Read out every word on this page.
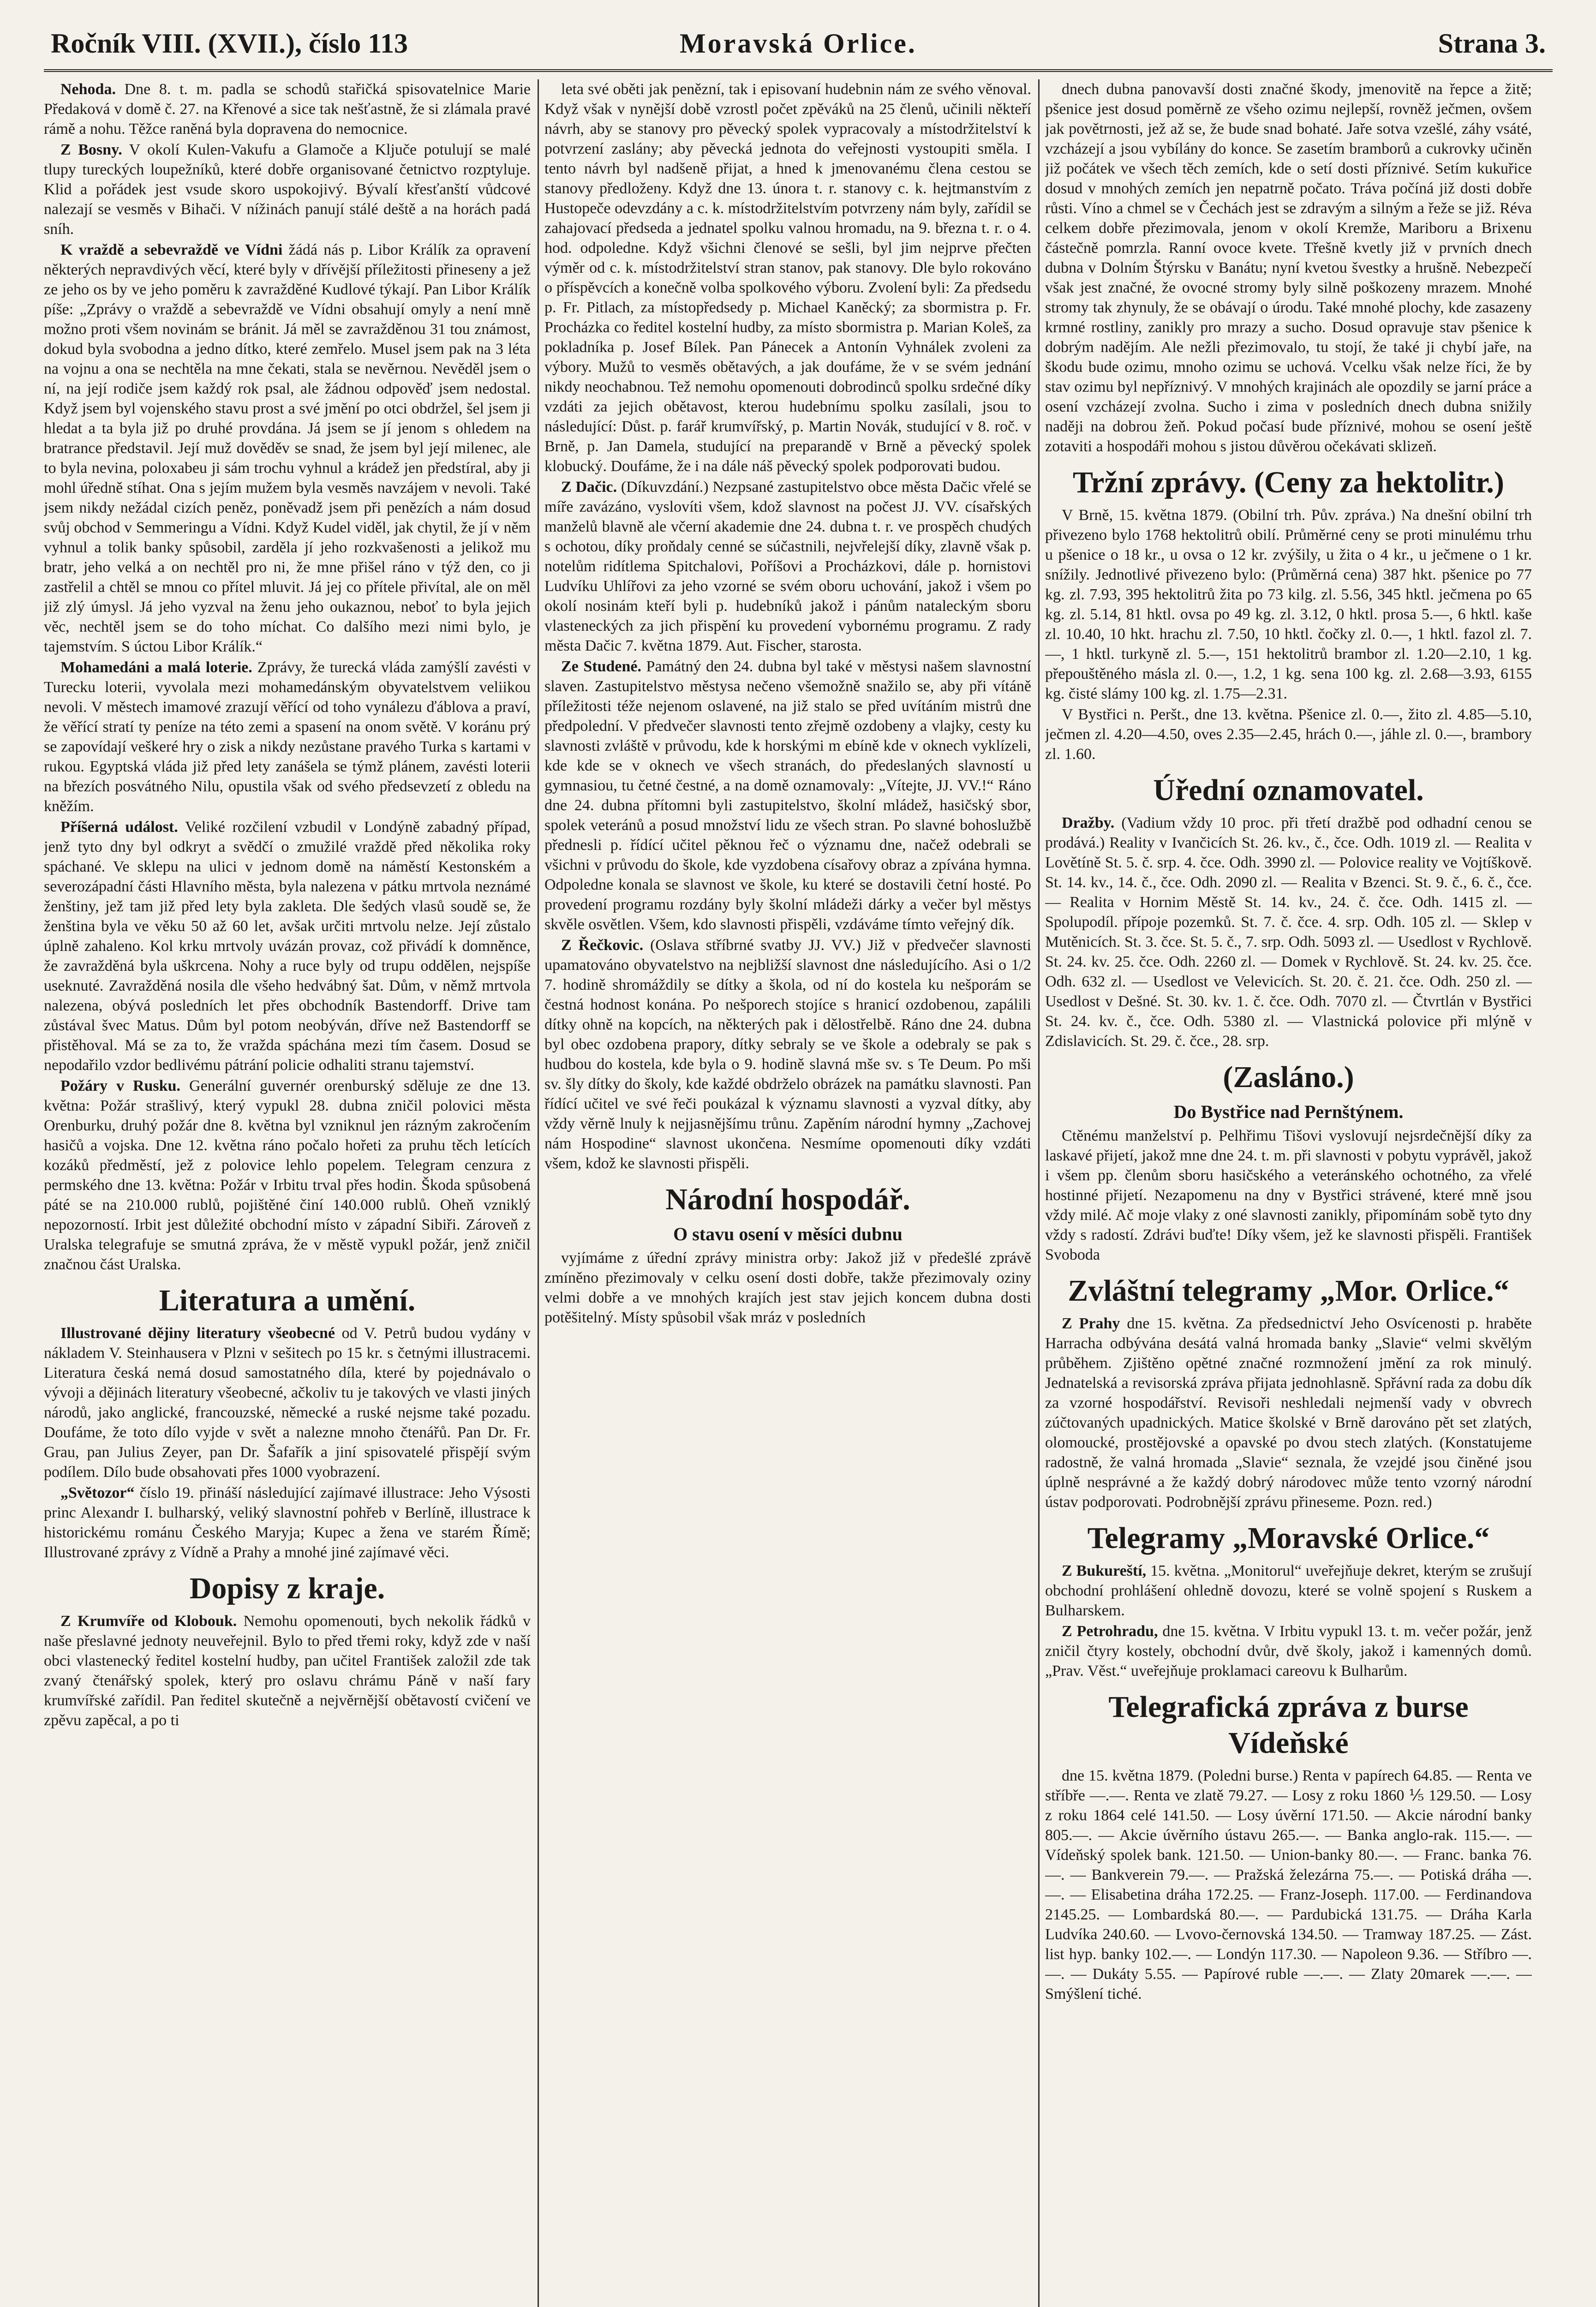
Moravská Orlice.
Ročník VIII. (XVII.), číslo 113	Strana 3.

Nehoda. Dne 8. t. m. padla se schodů stařičká spisovatelnice Marie Předaková v domě č. 27. na Křenové a sice tak nešťastně, že si zlámala pravé rámě a nohu. Těžce raněná byla dopravena do nemocnice.

Z Bosny. V okolí Kulen-Vakufu a Glamoče a Ključe potulují se malé tlupy tureckých loupežníků, které dobře organisované četnictvo rozptyluje. Klid a pořádek jest vsude skoro uspokojivý. Bývalí křesťanští vůdcové nalezají se vesměs v Bihači. V nížinách panují stálé deště a na horách padá sníh.

K vraždě a sebevraždě ve Vídni žádá nás p. Libor Králík za opravení některých nepravdivých věcí, které byly v dřívější příležitosti přineseny a jež ze jeho os by ve jeho poměru k zavražděné Kudlové týkají. Pan Libor Králík píše: „Zprávy o vraždě a sebevraždě ve Vídni obsahují omyly a není mně možno proti všem novinám se bránit. Já měl se zavražděnou 31 tou známost, dokud byla svobodna a jedno dítko, které zemřelo. Musel jsem pak na 3 léta na vojnu a ona se nechtěla na mne čekati, stala se nevěrnou. Nevěděl jsem o ní, na její rodiče jsem každý rok psal, ale žádnou odpověď jsem nedostal. Když jsem byl vojenského stavu prost a své jmění po otci obdržel, šel jsem ji hledat a ta byla již po druhé provdána. Já jsem se jí jenom s ohledem na bratrance představil. Její muž dověděv se snad, že jsem byl její milenec, ale to byla nevina, poloxabeu ji sám trochu vyhnul a krádež jen předstíral, aby ji mohl úředně stíhat. Ona s jejím mužem byla vesměs navzájem v nevoli. Také jsem nikdy nežádal cizích peněz, poněvadž jsem při penězích a nám dosud svůj obchod v Semmeringu a Vídni. Když Kudel viděl, jak chytil, že jí v něm vyhnul a tolik banky spůsobil, zarděla jí jeho rozkvašenosti a jelikož mu bratr, jeho velká a on nechtěl pro ni, že mne přišel ráno v týž den, co ji zastřelil a chtěl se mnou co přítel mluvit. Já jej co přítele přivítal, ale on měl již zlý úmysl. Já jeho vyzval na ženu jeho oukaznou, neboť to byla jejich věc, nechtěl jsem se do toho míchat. Co dalšího mezi nimi bylo, je tajemstvím. S úctou Libor Králík.“

Mohamedáni a malá loterie. Zprávy, že turecká vláda zamýšlí zavésti v Turecku loterii, vyvolala mezi mohamedánským obyvatelstvem veliikou nevoli. V městech imamové zrazují věřící od toho vynálezu ďáblova a praví, že věřící stratí ty peníze na této zemi a spasení na onom světě. V koránu prý se zapovídají veškeré hry o zisk a nikdy nezůstane pravého Turka s kartami v rukou. Egyptská vláda již před lety zanášela se týmž plánem, zavésti loterii na březích posvátného Nilu, opustila však od svého předsevzetí z obledu na kněžím.

Příšerná událost. Veliké rozčilení vzbudil v Londýně zabadný případ, jenž tyto dny byl odkryt a svědčí o zmužilé vraždě před několika roky spáchané. Ve sklepu na ulici v jednom domě na náměstí Kestonském a severozápadní části Hlavního města, byla nalezena v pátku mrtvola neznámé ženštiny, jež tam již před lety byla zakleta. Dle šedých vlasů soudě se, že ženština byla ve věku 50 až 60 let, avšak určiti mrtvolu nelze. Její zůstalo úplně zahaleno. Kol krku mrtvoly uvázán provaz, což přivádí k domněnce, že zavražděná byla uškrcena. Nohy a ruce byly od trupu oddělen, nejspíše useknuté. Zavražděná nosila dle všeho hedvábný šat. Dům, v němž mrtvola nalezena, obývá posledních let přes obchodník Bastendorff. Drive tam zůstával švec Matus. Dům byl potom neobýván, dříve než Bastendorff se přistěhoval. Má se za to, že vražda spáchána mezi tím časem. Dosud se nepodařilo vzdor bedlivému pátrání policie odhaliti stranu tajemství.

Požáry v Rusku. Generální guvernér orenburský sděluje ze dne 13. května: Požár strašlivý, který vypukl 28. dubna zničil polovici města Orenburku, druhý požár dne 8. května byl vzniknul jen rázným zakročením hasičů a vojska. Dne 12. května ráno počalo hořeti za pruhu těch letících kozáků předměstí, jež z polovice lehlo popelem. Telegram cenzura z permského dne 13. května: Požár v Irbitu trval přes hodin. Škoda spůsobená páté se na 210.000 rublů, pojištěné činí 140.000 rublů. Oheň vzniklý nepozorností. Irbit jest důležité obchodní místo v západní Sibiři. Zároveň z Uralska telegrafuje se smutná zpráva, že v městě vypukl požár, jenž zničil značnou část Uralska.

Literatura a umění.

Illustrované dějiny literatury všeobecné od V. Petrů budou vydány v nákladem V. Steinhausera v Plzni v sešitech po 15 kr. s četnými illustracemi. Literatura česká nemá dosud samostatného díla, které by pojednávalo o vývoji a dějinách literatury všeobecné, ačkoliv tu je takových ve vlasti jiných národů, jako anglické, francouzské, německé a ruské nejsme také pozadu. Doufáme, že toto dílo vyjde v svět a nalezne mnoho čtenářů. Pan Dr. Fr. Grau, pan Julius Zeyer, pan Dr. Šafařík a jiní spisovatelé přispějí svým podílem. Dílo bude obsahovati přes 1000 vyobrazení.

„Světozor“ číslo 19. přináší následující zajímavé illustrace: Jeho Výsosti princ Alexandr I. bulharský, veliký slavnostní pohřeb v Berlíně, illustrace k historickému románu Českého Maryja; Kupec a žena ve starém Římě; Illustrované zprávy z Vídně a Prahy a mnohé jiné zajímavé věci.

Dopisy z kraje.

Z Krumvíře od Klobouk. Nemohu opomenouti, bych nekolik řádků v naše přeslavné jednoty neuveřejnil. Bylo to před třemi roky, když zde v naší obci vlastenecký ředitel kostelní hudby, pan učitel František založil zde tak zvaný čtenářský spolek, který pro oslavu chrámu Páně v naší fary krumvířské zařídil. Pan ředitel skutečně a nejvěrnější obětavostí cvičení ve zpěvu zapěcal, a po ti

leta své oběti jak penězní, tak i episovaní hudebnin nám ze svého věnoval. Když však v nynější době vzrostl počet zpěváků na 25 členů, učinili někteří návrh, aby se stanovy pro pěvecký spolek vypracovaly a místodržitelství k potvrzení zaslány; aby pěvecká jednota do veřejnosti vystoupiti směla. I tento návrh byl nadšeně přijat, a hned k jmenovanému člena cestou se stanovy předloženy. Když dne 13. února t. r. stanovy c. k. hejtmanstvím z Hustopeče odevzdány a c. k. místodržitelstvím potvrzeny nám byly, zařídil se zahajovací předseda a jednatel spolku valnou hromadu, na 9. března t. r. o 4. hod. odpoledne. Když všichni členové se sešli, byl jim nejprve přečten výměr od c. k. místodržitelství stran stanov, pak stanovy. Dle bylo rokováno o příspěvcích a konečně volba spolkového výboru. Zvolení byli: Za předsedu p. Fr. Pitlach, za místopředsedy p. Michael Kaněcký; za sbormistra p. Fr. Procházka co ředitel kostelní hudby, za místo sbormistra p. Marian Koleš, za pokladníka p. Josef Bílek. Pan Pánecek a Antonín Vyhnálek zvoleni za výbory. Mužů to vesměs obětavých, a jak doufáme, že v se svém jednání nikdy neochabnou. Tež nemohu opomenouti dobrodinců spolku srdečné díky vzdáti za jejich obětavost, kterou hudebnímu spolku zasílali, jsou to následující: Důst. p. farář krumvířský, p. Martin Novák, studující v 8. roč. v Brně, p. Jan Damela, studující na preparandě v Brně a pěvecký spolek klobucký. Doufáme, že i na dále náš pěvecký spolek podporovati budou.

Z Dačic. (Díkuvzdání.) Nezpsané zastupitelstvo obce města Dačic vřelé se míře zavázáno, vyslovíti všem, kdož slavnost na počest JJ. VV. císařských manželů blavně ale včerní akademie dne 24. dubna t. r. ve prospěch chudých s ochotou, díky proňdaly cenné se súčastnili, nejvřelejší díky, zlavně však p. notelům ridítlema Spitchalovi, Poříšovi a Procházkovi, dále p. hornistovi Ludvíku Uhlířovi za jeho vzorné se svém oboru uchování, jakož i všem po okolí nosinám kteří byli p. hudebníků jakož i pánům nataleckým sboru vlasteneckých za jich přispění ku provedení vybornému programu. Z rady města Dačic 7. května 1879. Aut. Fischer, starosta.

Ze Studené. Památný den 24. dubna byl také v městysi našem slavnostní slaven. Zastupitelstvo městysa nečeno všemožně snažilo se, aby při vítáně příležitosti téže nejenom oslavené, na již stalo se před uvítáním mistrů dne předpolední. V předvečer slavnosti tento zřejmě ozdobeny a vlajky, cesty ku slavnosti zvláště v průvodu, kde k horskými m ebíně kde v oknech vyklízeli, kde kde se v oknech ve všech stranách, do předeslaných slavností u gymnasiou, tu četné čestné, a na domě oznamovaly: „Vítejte, JJ. VV.!“ Ráno dne 24. dubna přítomni byli zastupitelstvo, školní mládež, hasičský sbor, spolek veteránů a posud množství lidu ze všech stran. Po slavné bohoslužbě přednesli p. řídící učitel pěknou řeč o významu dne, načež odebrali se všichni v průvodu do škole, kde vyzdobena císařovy obraz a zpívána hymna. Odpoledne konala se slavnost ve škole, ku které se dostavili četní hosté. Po provedení programu rozdány byly školní mládeži dárky a večer byl městys skvěle osvětlen. Všem, kdo slavnosti přispěli, vzdáváme tímto veřejný dík.

Z Řečkovic. (Oslava stříbrné svatby JJ. VV.) Již v předvečer slavnosti upamatováno obyvatelstvo na nejbližší slavnost dne následujícího. Asi o 1/2 7. hodině shromáždily se dítky a škola, od ní do kostela ku nešporám se čestná hodnost konána. Po nešporech stojíce s hranicí ozdobenou, zapálili dítky ohně na kopcích, na některých pak i dělostřelbě. Ráno dne 24. dubna byl obec ozdobena prapory, dítky sebraly se ve škole a odebraly se pak s hudbou do kostela, kde byla o 9. hodině slavná mše sv. s Te Deum. Po mši sv. šly dítky do školy, kde každé obdrželo obrázek na památku slavnosti. Pan řídící učitel ve své řeči poukázal k významu slavnosti a vyzval dítky, aby vždy věrně lnuly k nejjasnějšímu trůnu. Zapěním národní hymny „Zachovej nám Hospodine“ slavnost ukončena. Nesmíme opomenouti díky vzdáti všem, kdož ke slavnosti přispěli.

Národní hospodář.
O stavu osení v měsíci dubnu

vyjímáme z úřední zprávy ministra orby: Jakož již v předešlé zprávě zmíněno přezimovaly v celku osení dosti dobře, takže přezimovaly oziny velmi dobře a ve mnohých krajích jest stav jejich koncem dubna dosti potěšitelný. Místy spůsobil však mráz v posledních

dnech dubna panovavší dosti značné škody, jmenovitě na řepce a žitě; pšenice jest dosud poměrně ze všeho ozimu nejlepší, rovněž ječmen, ovšem jak povětrnosti, jež až se, že bude snad bohaté. Jaře sotva vzešlé, záhy vsáté, vzcházejí a jsou vybílány do konce. Se zasetím bramborů a cukrovky učiněn již počátek ve všech těch zemích, kde o setí dosti příznivé. Setím kukuřice dosud v mnohých zemích jen nepatrně počato. Tráva počíná již dosti dobře růsti. Víno a chmel se v Čechách jest se zdravým a silným a řeže se již. Réva celkem dobře přezimovala, jenom v okolí Kremže, Mariboru a Brixenu částečně pomrzla. Ranní ovoce kvete. Třešně kvetly již v prvních dnech dubna v Dolním Štýrsku v Banátu; nyní kvetou švestky a hrušně. Nebezpečí však jest značné, že ovocné stromy byly silně poškozeny mrazem. Mnohé stromy tak zhynuly, že se obávají o úrodu. Také mnohé plochy, kde zasazeny krmné rostliny, zanikly pro mrazy a sucho. Dosud opravuje stav pšenice k dobrým nadějím. Ale nežli přezimovalo, tu stojí, že také ji chybí jaře, na škodu bude ozimu, mnoho ozimu se uchová. Vcelku však nelze říci, že by stav ozimu byl nepříznivý. V mnohých krajinách ale opozdily se jarní práce a osení vzcházejí zvolna. Sucho i zima v posledních dnech dubna snižily naději na dobrou žeň. Pokud počasí bude příznivé, mohou se osení ještě zotaviti a hospodáři mohou s jistou důvěrou očekávati sklizeň.

Tržní zprávy. (Ceny za hektolitr.)

V Brně, 15. května 1879. (Obilní trh. Pův. zpráva.) Na dnešní obilní trh přivezeno bylo 1768 hektolitrů obilí. Průměrné ceny se proti minulému trhu u pšenice o 18 kr., u ovsa o 12 kr. zvýšily, u žita o 4 kr., u ječmene o 1 kr. snížily. Jednotlivé přivezeno bylo: (Průměrná cena) 387 hkt. pšenice po 77 kg. zl. 7.93, 395 hektolitrů žita po 73 kilg. zl. 5.56, 345 hktl. ječmena po 65 kg. zl. 5.14, 81 hktl. ovsa po 49 kg. zl. 3.12, 0 hktl. prosa 5.—, 6 hktl. kaše zl. 10.40, 10 hkt. hrachu zl. 7.50, 10 hktl. čočky zl. 0.—, 1 hktl. fazol zl. 7.—, 1 hktl. turkyně zl. 5.—, 151 hektolitrů brambor zl. 1.20—2.10, 1 kg. přepouštěného másla zl. 0.—, 1.2, 1 kg. sena 100 kg. zl. 2.68—3.93, 6155 kg. čisté slámy 100 kg. zl. 1.75—2.31.

V Bystřici n. Peršt., dne 13. května. Pšenice zl. 0.—, žito zl. 4.85—5.10, ječmen zl. 4.20—4.50, oves 2.35—2.45, hrách 0.—, jáhle zl. 0.—, brambory zl. 1.60.

Úřední oznamovatel.

Dražby. (Vadium vždy 10 proc. při třetí dražbě pod odhadní cenou se prodává.) Reality v Ivančicích St. 26. kv., č., čce. Odh. 1019 zl. — Realita v Lovětíně St. 5. č. srp. 4. čce. Odh. 3990 zl. — Polovice reality ve Vojtíškově. St. 14. kv., 14. č., čce. Odh. 2090 zl. — Realita v Bzenci. St. 9. č., 6. č., čce. — Realita v Hornim Městě St. 14. kv., 24. č. čce. Odh. 1415 zl. — Spolupodíl. přípoje pozemků. St. 7. č. čce. 4. srp. Odh. 105 zl. — Sklep v Mutěnicích. St. 3. čce. St. 5. č., 7. srp. Odh. 5093 zl. — Usedlost v Rychlově. St. 24. kv. 25. čce. Odh. 2260 zl. — Domek v Rychlově. St. 24. kv. 25. čce. Odh. 632 zl. — Usedlost ve Velevicích. St. 20. č. 21. čce. Odh. 250 zl. — Usedlost v Dešné. St. 30. kv. 1. č. čce. Odh. 7070 zl. — Čtvrtlán v Bystřici St. 24. kv. č., čce. Odh. 5380 zl. — Vlastnická polovice při mlýně v Zdislavicích. St. 29. č. čce., 28. srp.

(Zasláno.)
Do Bystřice nad Pernštýnem.

Ctěnému manželství p. Pelhřimu Tišovi vyslovují nejsrdečnější díky za laskavé přijetí, jakož mne dne 24. t. m. při slavnosti v pobytu vyprávěl, jakož i všem pp. členům sboru hasičského a veteránského ochotného, za vřelé hostinné přijetí. Nezapomenu na dny v Bystřici strávené, které mně jsou vždy milé. Ač moje vlaky z oné slavnosti zanikly, připomínám sobě tyto dny vždy s radostí. Zdrávi buďte! Díky všem, jež ke slavnosti přispěli. František Svoboda

Zvláštní telegramy „Mor. Orlice.“

Z Prahy dne 15. května. Za předsednictví Jeho Osvícenosti p. hraběte Harracha odbývána desátá valná hromada banky „Slavie“ velmi skvělým průběhem. Zjištěno opětné značné rozmnožení jmění za rok minulý. Jednatelská a revisorská zpráva přijata jednohlasně. Spřávní rada za dobu dík za vzorné hospodářství. Revisoři neshledali nejmenší vady v obvrech zúčtovaných upadnických. Matice školské v Brně darováno pět set zlatých, olomoucké, prostějovské a opavské po dvou stech zlatých. (Konstatujeme radostně, že valná hromada „Slavie“ seznala, že vzejdé jsou činěné jsou úplně nesprávné a že každý dobrý národovec může tento vzorný národní ústav podporovati. Podrobnější zprávu přineseme. Pozn. red.)

Telegramy „Moravské Orlice.“

Z Bukureští, 15. května. „Monitorul“ uveřejňuje dekret, kterým se zrušují obchodní prohlášení ohledně dovozu, které se volně spojení s Ruskem a Bulharskem.

Z Petrohradu, dne 15. května. V Irbitu vypukl 13. t. m. večer požár, jenž zničil čtyry kostely, obchodní dvůr, dvě školy, jakož i kamenných domů. „Prav. Věst.“ uveřejňuje proklamaci careovu k Bulharům.

Telegrafická zpráva z burse Vídeňské

dne 15. května 1879. (Poledni burse.) Renta v papírech 64.85. — Renta ve stříbře —.—. Renta ve zlatě 79.27. — Losy z roku 1860 ⅕ 129.50. — Losy z roku 1864 celé 141.50. — Losy úvěrní 171.50. — Akcie národní banky 805.—. — Akcie úvěrního ústavu 265.—. — Banka anglo-rak. 115.—. — Vídeňský spolek bank. 121.50. — Union-banky 80.—. — Franc. banka 76.—. — Bankverein 79.—. — Pražská železárna 75.—. — Potiská dráha —.—. — Elisabetina dráha 172.25. — Franz-Joseph. 117.00. — Ferdinandova 2145.25. — Lombardská 80.—. — Pardubická 131.75. — Dráha Karla Ludvíka 240.60. — Lvovo-černovská 134.50. — Tramway 187.25. — Zást. list hyp. banky 102.—. — Londýn 117.30. — Napoleon 9.36. — Stříbro —.—. — Dukáty 5.55. — Papírové ruble —.—. — Zlaty 20marek —.—. — Smýšlení tiché.
